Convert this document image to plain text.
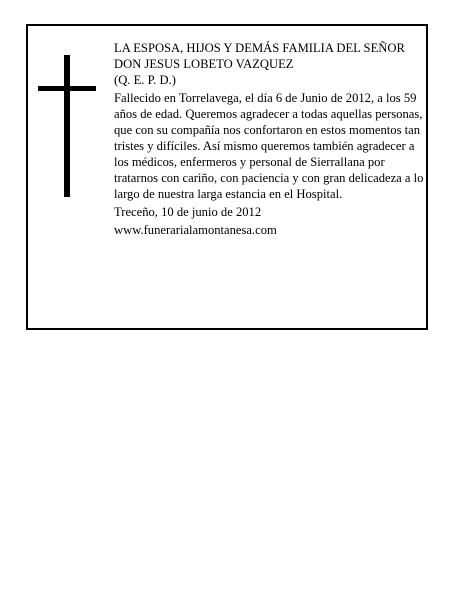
LA ESPOSA, HIJOS Y DEMÁS FAMILIA DEL SEÑOR

DON JESUS LOBETO VAZQUEZ

(Q. E. P. D.)

Fallecido en Torrelavega, el día 6 de Junio de 2012, a los 59 años de edad. Queremos agradecer a todas aquellas personas, que con su compañía nos confortaron en estos momentos tan tristes y difíciles. Así mismo queremos también agradecer a los médicos, enfermeros y personal de Sierrallana por tratarnos con cariño, con paciencia y con gran delicadeza a lo largo de nuestra larga estancia en el Hospital.

Treceño, 10 de junio de 2012

www.funerarialamontanesa.com
